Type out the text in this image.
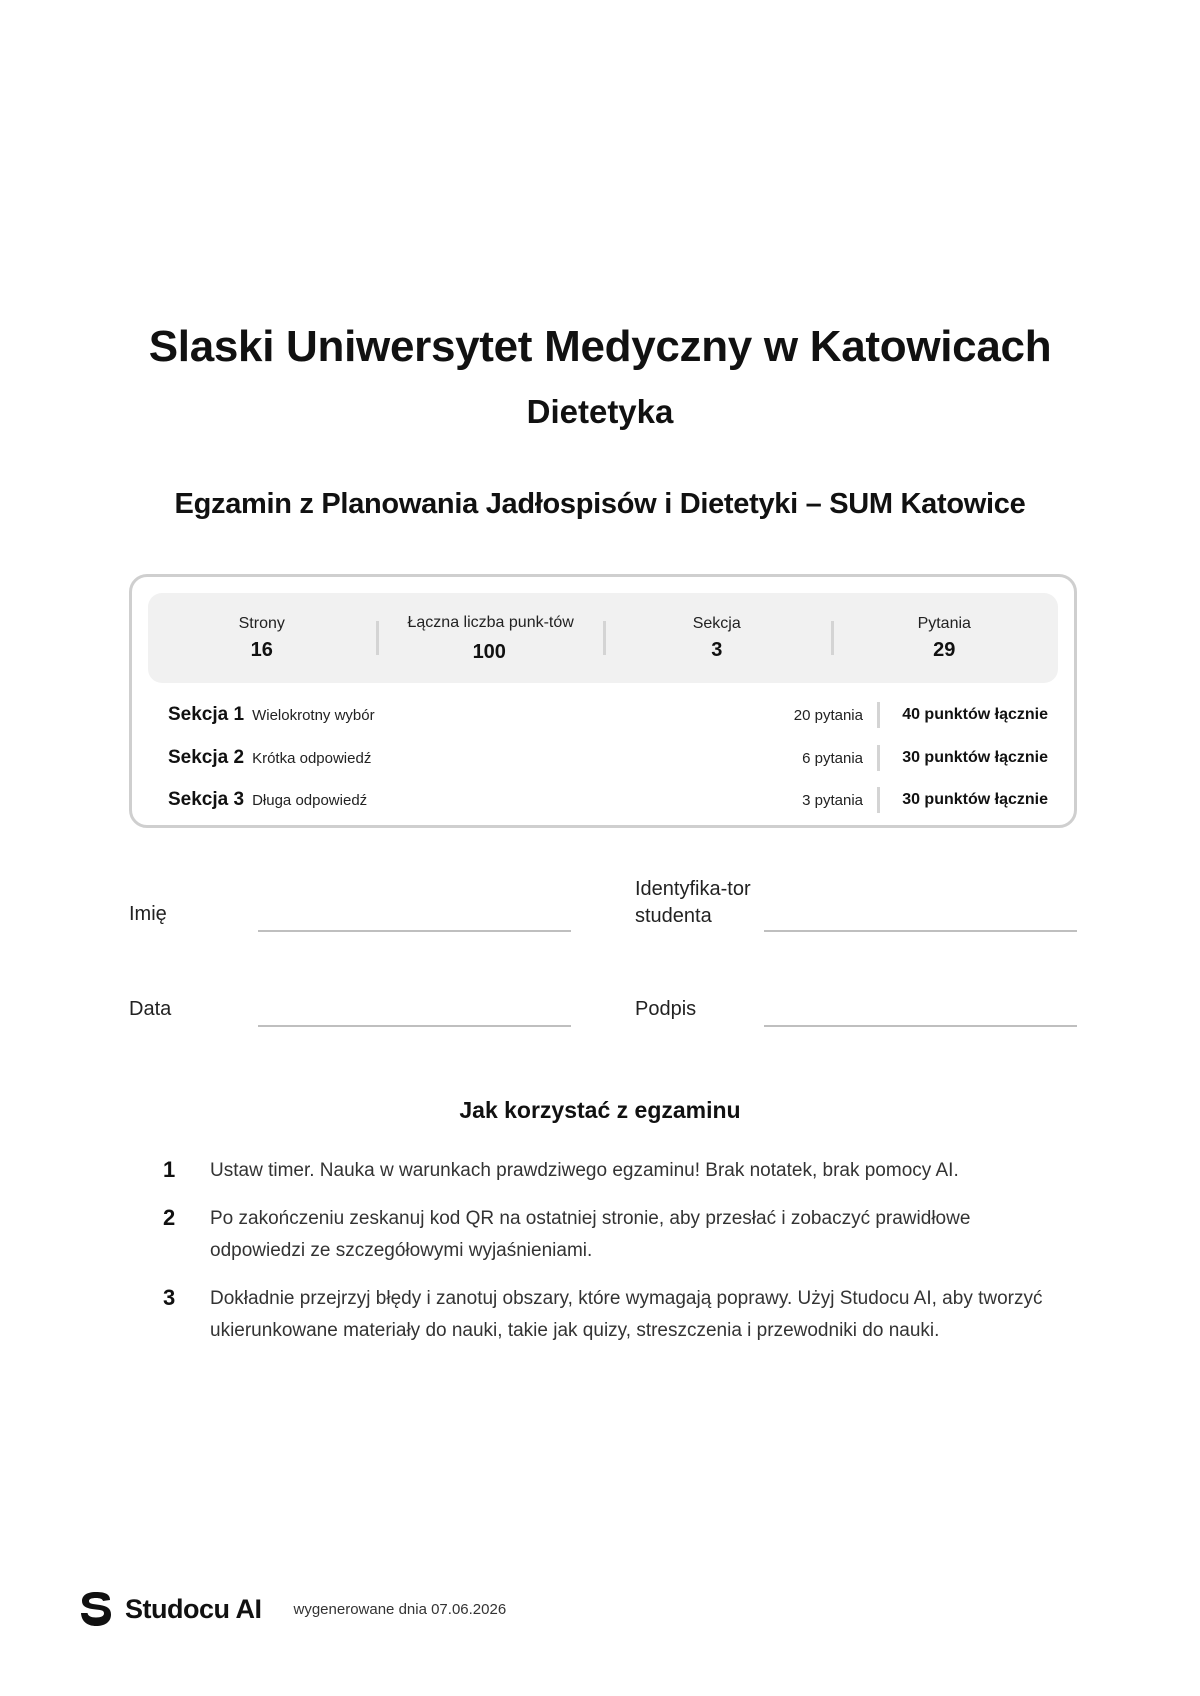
Slaski Uniwersytet Medyczny w Katowicach
Dietetyka
Egzamin z Planowania Jadłospisów i Dietetyki – SUM Katowice
Strony
16
Łączna liczba punk-tów
100
Sekcja
3
Pytania
29
Sekcja 1 Wielokrotny wybór	20 pytania	40 punktów łącznie
Sekcja 2 Krótka odpowiedź	6 pytania	30 punktów łącznie
Sekcja 3 Długa odpowiedź	3 pytania	30 punktów łącznie
Imię
Identyfika-tor studenta
Data	Podpis
Jak korzystać z egzaminu
1 Ustaw timer. Nauka w warunkach prawdziwego egzaminu! Brak notatek, brak pomocy AI.
2 Po zakończeniu zeskanuj kod QR na ostatniej stronie, aby przesłać i zobaczyć prawidłowe odpowiedzi ze szczegółowymi wyjaśnieniami.
3 Dokładnie przejrzyj błędy i zanotuj obszary, które wymagają poprawy. Użyj Studocu AI, aby tworzyć ukierunkowane materiały do nauki, takie jak quizy, streszczenia i przewodniki do nauki.
Studocu AI wygenerowane dnia 07.06.2026
